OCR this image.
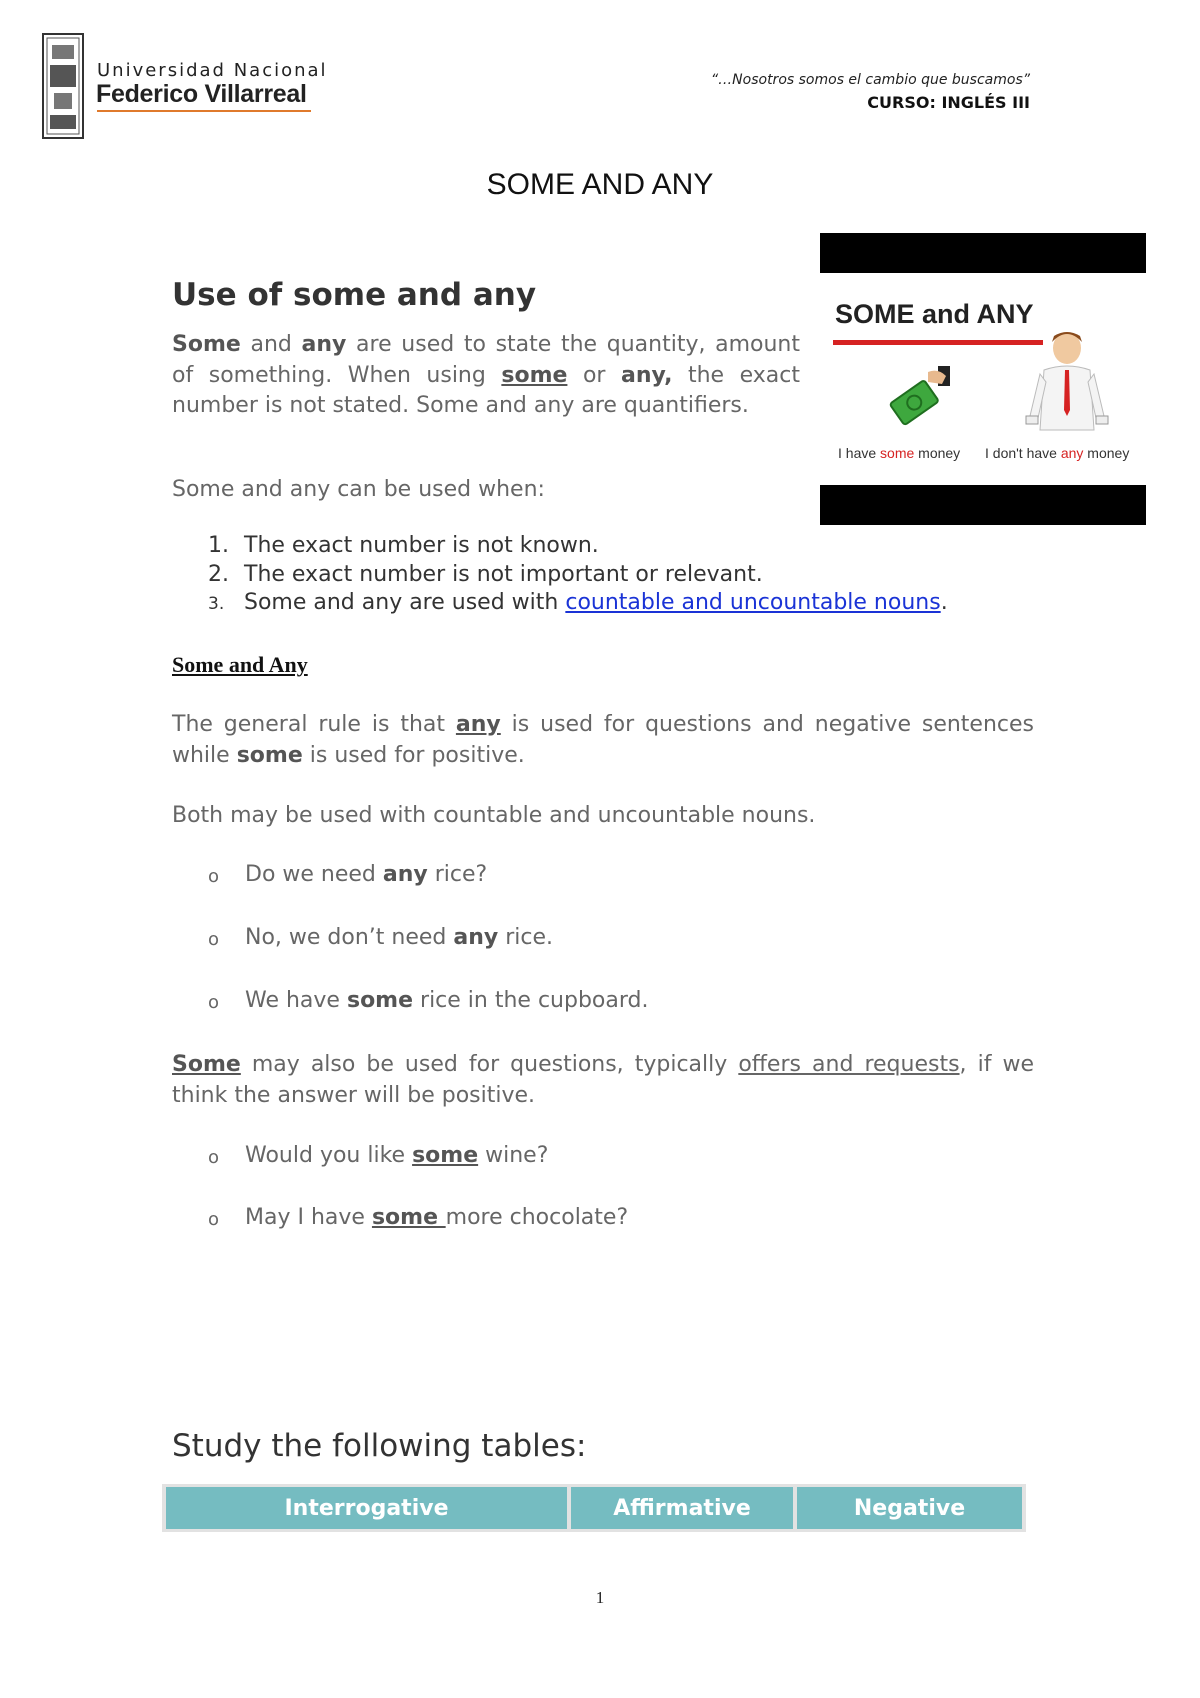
Universidad Nacional
Federico Villarreal	“…Nosotros somos el cambio que buscamos”
CURSO: INGLÉS III
SOME AND ANY
Use of some and any
Some and any are used to state the quantity, amount of something. When using some or any, the exact number is not stated. Some and any are quantifiers.
Some and any can be used when:
1. The exact number is not known.
2. The exact number is not important or relevant.
3. Some and any are used with countable and uncountable nouns.
SOME and ANY
I have some money I don't have any money
Some and Any
The general rule is that any is used for questions and negative sentences while some is used for positive.
Both may be used with countable and uncountable nouns.
o Do we need any rice?
o No, we don’t need any rice.
o We have some rice in the cupboard.
Some may also be used for questions, typically offers and requests, if we think the answer will be positive.
o Would you like some wine?
o May I have some more chocolate?
Study the following tables:
Interrogative	Affirmative	Negative
1
